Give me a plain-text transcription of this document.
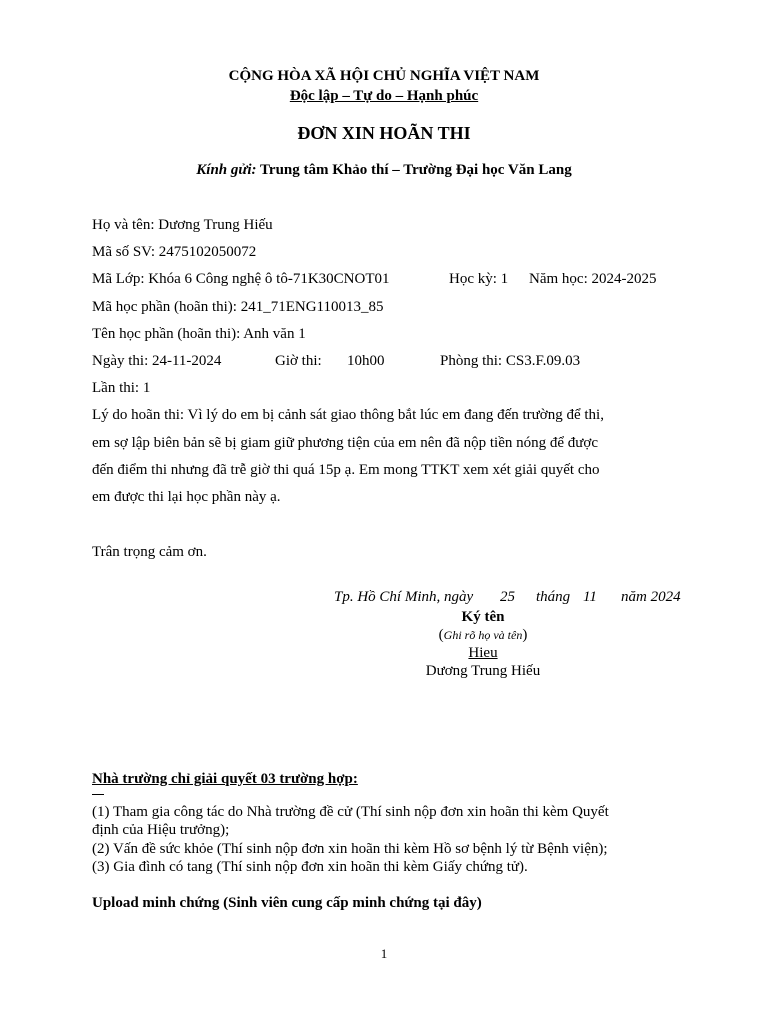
CỘNG HÒA XÃ HỘI CHỦ NGHĨA VIỆT NAM
Độc lập – Tự do – Hạnh phúc
ĐƠN XIN HOÃN THI
Kính gửi: Trung tâm Khảo thí – Trường Đại học Văn Lang
Họ và tên: Dương Trung Hiếu
Mã số SV: 2475102050072
Mã Lớp: Khóa 6 Công nghệ ô tô-71K30CNOT01	Học kỳ: 1 Năm học: 2024-2025
Mã học phần (hoãn thi): 241_71ENG110013_85
Tên học phần (hoãn thi): Anh văn 1
Ngày thi: 24-11-2024	Giờ thi: 10h00	Phòng thi: CS3.F.09.03
Lần thi: 1
Lý do hoãn thi: Vì lý do em bị cảnh sát giao thông bắt lúc em đang đến trường để thi,
em sợ lập biên bản sẽ bị giam giữ phương tiện của em nên đã nộp tiền nóng để được
đến điểm thi nhưng đã trễ giờ thi quá 15p ạ. Em mong TTKT xem xét giải quyết cho
em được thi lại học phần này ạ.
Trân trọng cảm ơn.
Tp. Hồ Chí Minh, ngày 25 tháng 11 năm 2024
Ký tên
(Ghi rõ họ và tên)
Hieu
Dương Trung Hiếu
Nhà trường chỉ giải quyết 03 trường hợp:
(1) Tham gia công tác do Nhà trường đề cử (Thí sinh nộp đơn xin hoãn thi kèm Quyết
định của Hiệu trưởng);
(2) Vấn đề sức khỏe (Thí sinh nộp đơn xin hoãn thi kèm Hồ sơ bệnh lý từ Bệnh viện);
(3) Gia đình có tang (Thí sinh nộp đơn xin hoãn thi kèm Giấy chứng tử).
Upload minh chứng (Sinh viên cung cấp minh chứng tại đây)
1
